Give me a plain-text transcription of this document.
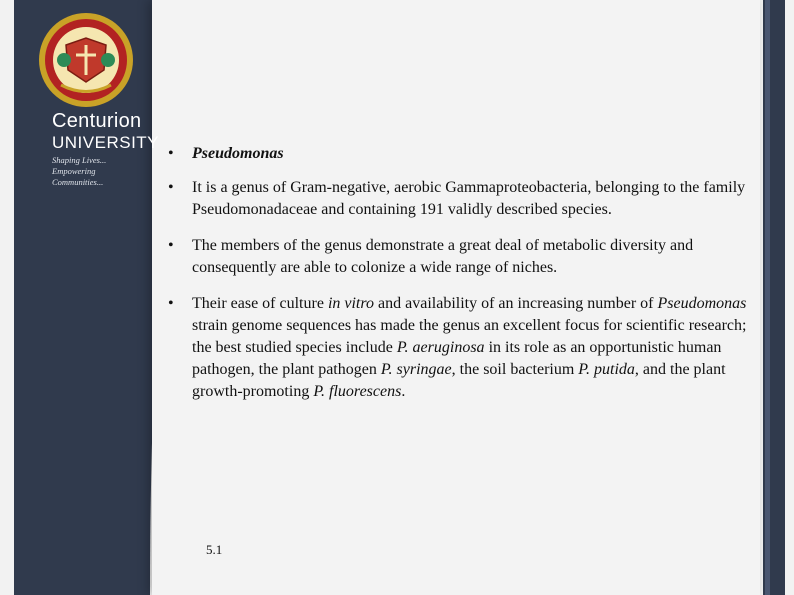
Centurion
UNIVERSITY
Shaping Lives...
Empowering Communities...
• Pseudomonas
• It is a genus of Gram-negative, aerobic Gammaproteobacteria, belonging to the family Pseudomonadaceae and containing 191 validly described species.
• The members of the genus demonstrate a great deal of metabolic diversity and consequently are able to colonize a wide range of niches.
• Their ease of culture in vitro and availability of an increasing number of Pseudomonas strain genome sequences has made the genus an excellent focus for scientific research; the best studied species include P. aeruginosa in its role as an opportunistic human pathogen, the plant pathogen P. syringae, the soil bacterium P. putida, and the plant growth-promoting P. fluorescens.
5.1
